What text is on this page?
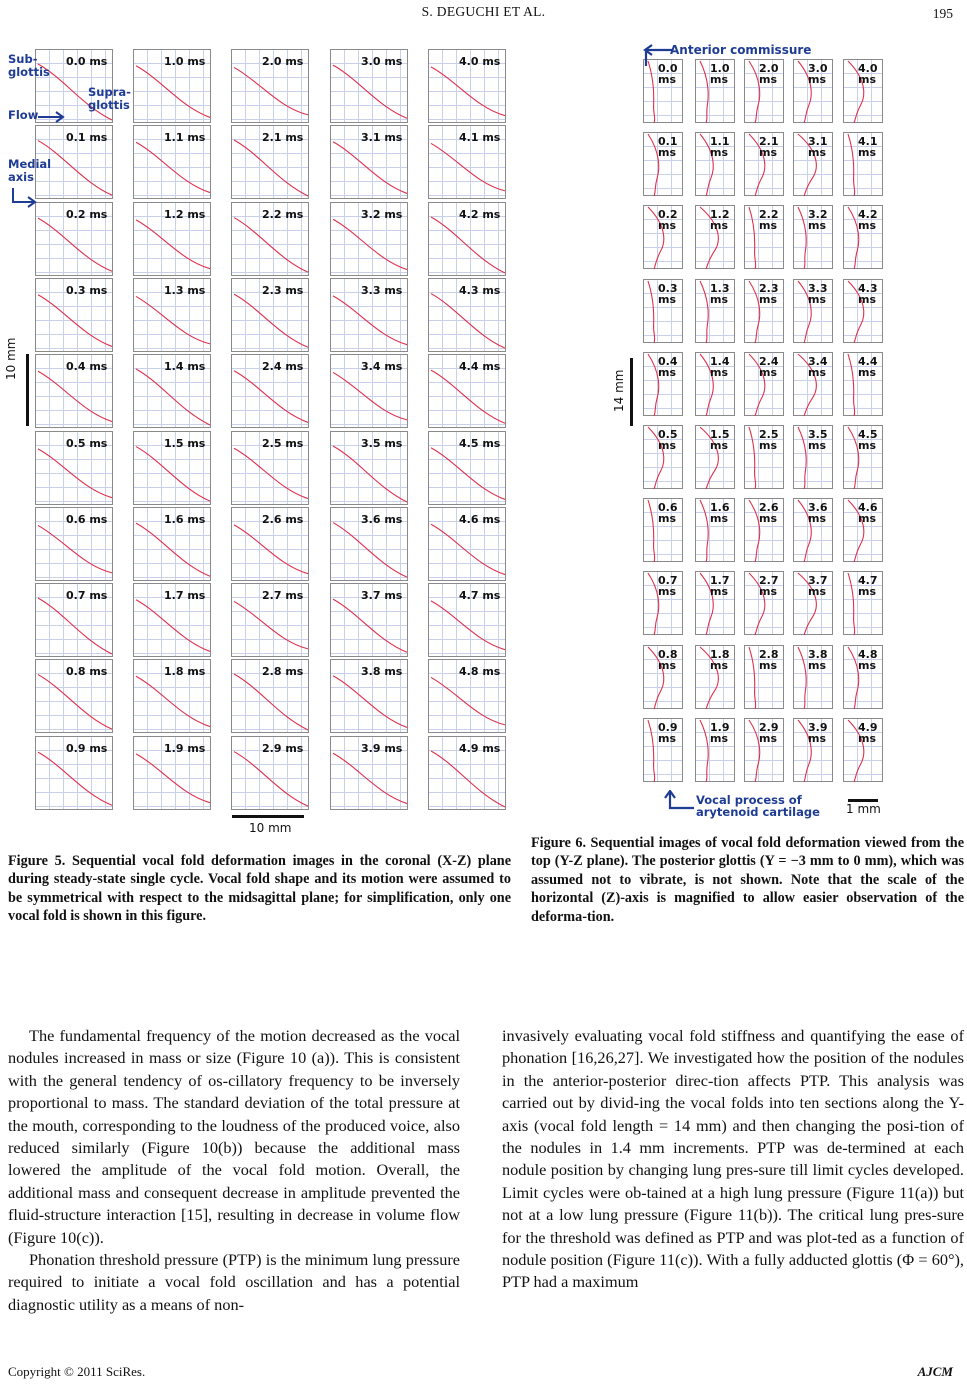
S. DEGUCHI ET AL.	195
0.0 ms	1.0 ms	2.0 ms	3.0 ms	4.0 ms
0.1 ms	1.1 ms	2.1 ms	3.1 ms	4.1 ms
0.2 ms	1.2 ms	2.2 ms	3.2 ms	4.2 ms
0.3 ms	1.3 ms	2.3 ms	3.3 ms	4.3 ms
0.4 ms	1.4 ms	2.4 ms	3.4 ms	4.4 ms
0.5 ms	1.5 ms	2.5 ms	3.5 ms	4.5 ms
0.6 ms	1.6 ms	2.6 ms	3.6 ms	4.6 ms
0.7 ms	1.7 ms	2.7 ms	3.7 ms	4.7 ms
0.8 ms	1.8 ms	2.8 ms	3.8 ms	4.8 ms
0.9 ms	1.9 ms	2.9 ms	3.9 ms	4.9 ms
Sub-
glottis
Supra-
glottis
Flow
Medial
axis
10 mm
10 mm
0.0
ms
1.0
ms
2.0
ms
3.0
ms
4.0
ms
0.1
ms
1.1
ms
2.1
ms
3.1
ms
4.1
ms
0.2
ms
1.2
ms
2.2
ms
3.2
ms
4.2
ms
0.3
ms
1.3
ms
2.3
ms
3.3
ms
4.3
ms
0.4
ms
1.4
ms
2.4
ms
3.4
ms
4.4
ms
0.5
ms
1.5
ms
2.5
ms
3.5
ms
4.5
ms
0.6
ms
1.6
ms
2.6
ms
3.6
ms
4.6
ms
0.7
ms
1.7
ms
2.7
ms
3.7
ms
4.7
ms
0.8
ms
1.8
ms
2.8
ms
3.8
ms
4.8
ms
0.9
ms
1.9
ms
2.9
ms
3.9
ms
4.9
ms
Anterior commissure
Vocal process of
arytenoid cartilage
14 mm
1 mm
Figure 5. Sequential vocal fold deformation images in the coronal (X-Z) plane during steady-state single cycle. Vocal fold shape and its motion were assumed to be symmetrical with respect to the midsagittal plane; for simplification, only one vocal fold is shown in this figure.
Figure 6. Sequential images of vocal fold deformation viewed from the top (Y-Z plane). The posterior glottis (Y = −3 mm to 0 mm), which was assumed not to vibrate, is not shown. Note that the scale of the horizontal (Z)-axis is magnified to allow easier observation of the deforma-tion.

The fundamental frequency of the motion decreased as the vocal nodules increased in mass or size (Figure 10 (a)). This is consistent with the general tendency of os-cillatory frequency to be inversely proportional to mass. The standard deviation of the total pressure at the mouth, corresponding to the loudness of the produced voice, also reduced similarly (Figure 10(b)) because the additional mass lowered the amplitude of the vocal fold motion. Overall, the additional mass and consequent decrease in amplitude prevented the fluid-structure interaction [15], resulting in decrease in volume flow (Figure 10(c)).

Phonation threshold pressure (PTP) is the minimum lung pressure required to initiate a vocal fold oscillation and has a potential diagnostic utility as a means of non-

invasively evaluating vocal fold stiffness and quantifying the ease of phonation [16,26,27]. We investigated how the position of the nodules in the anterior-posterior direc-tion affects PTP. This analysis was carried out by divid-ing the vocal folds into ten sections along the Y-axis (vocal fold length = 14 mm) and then changing the posi-tion of the nodules in 1.4 mm increments. PTP was de-termined at each nodule position by changing lung pres-sure till limit cycles developed. Limit cycles were ob-tained at a high lung pressure (Figure 11(a)) but not at a low lung pressure (Figure 11(b)). The critical lung pres-sure for the threshold was defined as PTP and was plot-ted as a function of nodule position (Figure 11(c)). With a fully adducted glottis (Φ = 60°), PTP had a maximum

Copyright © 2011 SciRes.	AJCM
